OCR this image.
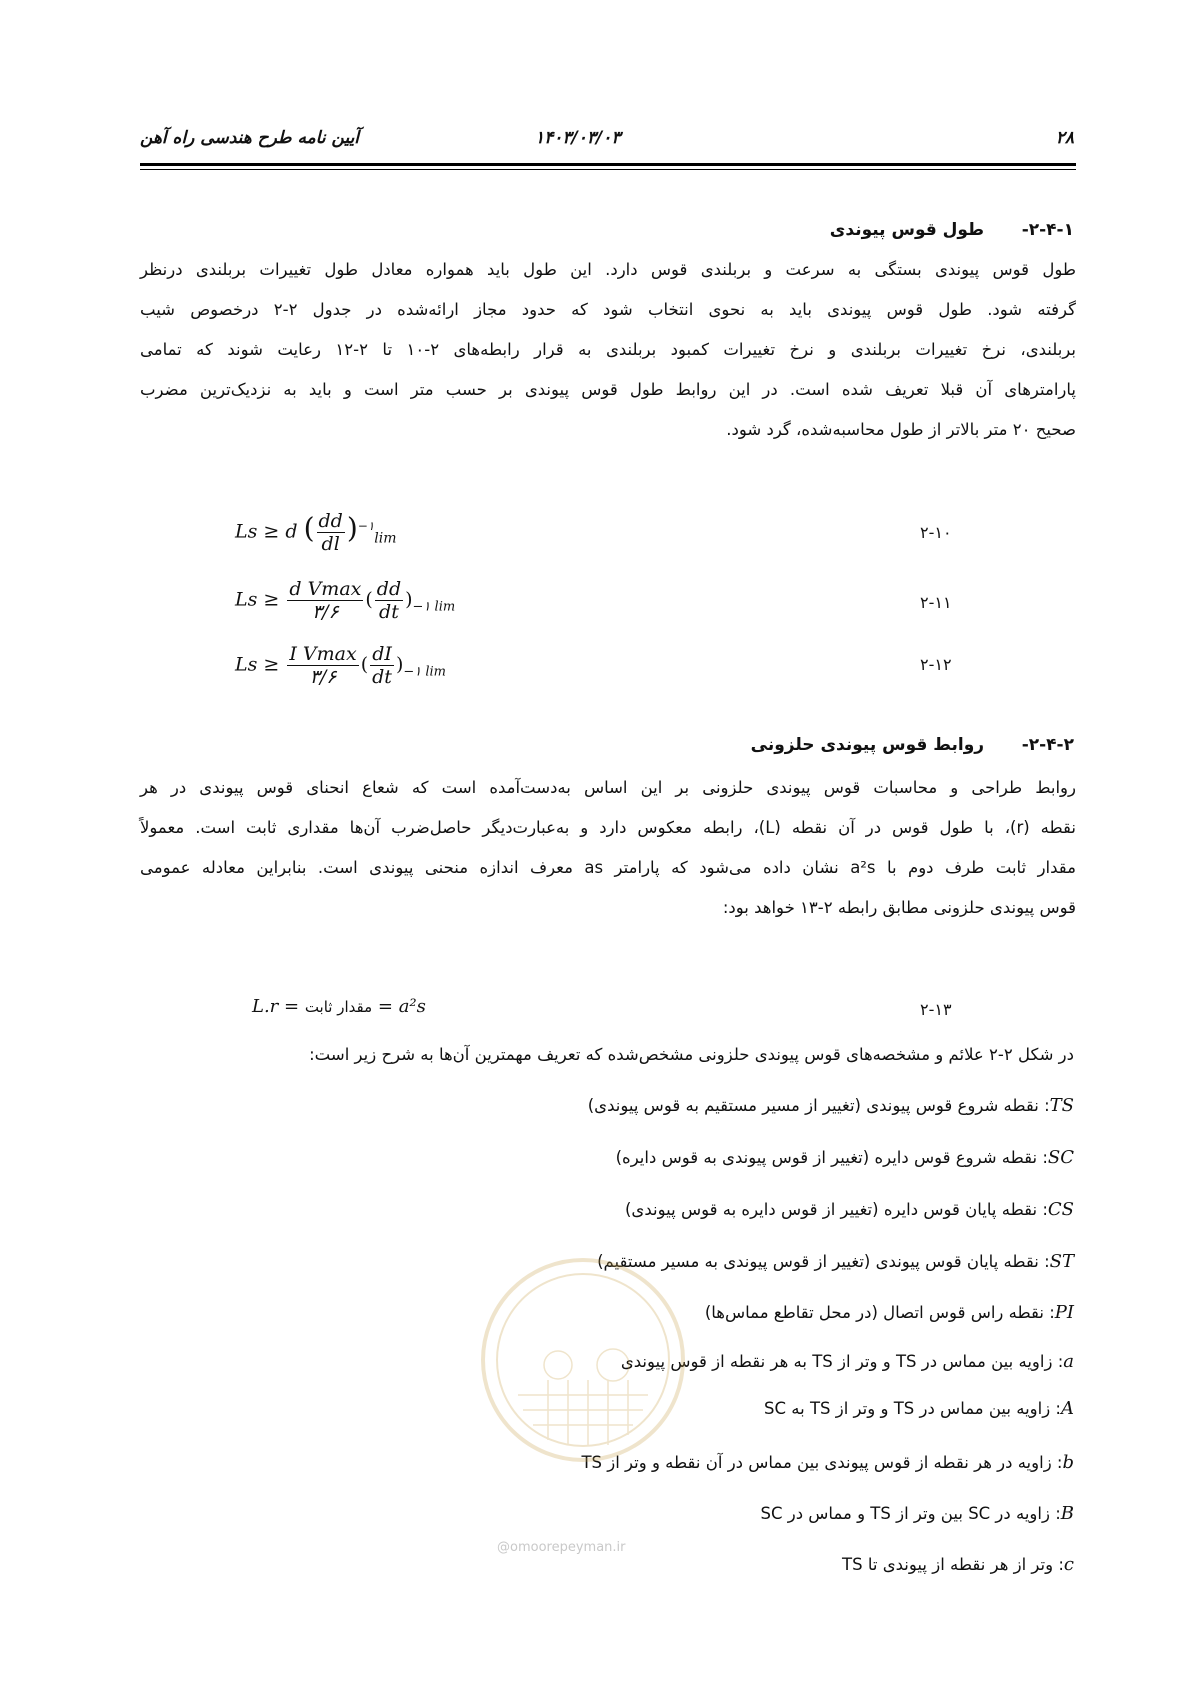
۲۸
۱۴۰۳/۰۳/۰۳
آیین نامه طرح هندسی راه آهن
۲-۴-۱- طول قوس پیوندی
طول قوس پیوندی بستگی به سرعت و بربلندی قوس دارد. این طول باید همواره معادل طول تغییرات بربلندی درنظر
گرفته شود. طول قوس پیوندی باید به نحوی انتخاب شود که حدود مجاز ارائه‌شده در جدول ۲-۲ درخصوص شیب
بربلندی، نرخ تغییرات بربلندی و نرخ تغییرات کمبود بربلندی به قرار رابطه‌های ۲-۱۰ تا ۲-۱۲ رعایت شوند که تمامی
پارامترهای آن قبلا تعریف شده است. در این روابط طول قوس پیوندی بر حسب متر است و باید به نزدیک‌ترین مضرب
صحیح ۲۰ متر بالاتر از طول محاسبه‌شده، گرد شود.
Ls ≥ d ( $\frac{dd}{dl} )^{-۱}_{lim}$	۲-۱۰
$Ls \ge \frac{\text{d Vmax}}{۳/۶}$ ( $\frac{dd}{dt} )_{-۱ lim}$	۲-۱۱
$Ls \ge \frac{\text{I Vmax}}{۳/۶}$ ( $\frac{dI}{dt} )_{-۱ lim}$	۲-۱۲
۲-۴-۲- روابط قوس پیوندی حلزونی
روابط طراحی و محاسبات قوس پیوندی حلزونی بر این اساس به‌دست‌آمده است که شعاع انحنای قوس پیوندی در هر
نقطه (r)، با طول قوس در آن نقطه (L)، رابطه معکوس دارد و به‌عبارت‌دیگر حاصل‌ضرب آن‌ها مقداری ثابت است. معمولاً
مقدار ثابت طرف دوم با a²s نشان داده می‌شود که پارامتر as معرف اندازه منحنی پیوندی است. بنابراین معادله عمومی
قوس پیوندی حلزونی مطابق رابطه ۲-۱۳ خواهد بود:
L.r = مقدار ثابت = a²s	۲-۱۳
در شکل ۲-۲ علائم و مشخصه‌های قوس پیوندی حلزونی مشخص‌شده که تعریف مهمترین آن‌ها به شرح زیر است:
TS: نقطه شروع قوس پیوندی (تغییر از مسیر مستقیم به قوس پیوندی)
SC: نقطه شروع قوس دایره (تغییر از قوس پیوندی به قوس دایره)
CS: نقطه پایان قوس دایره (تغییر از قوس دایره به قوس پیوندی)
ST: نقطه پایان قوس پیوندی (تغییر از قوس پیوندی به مسیر مستقیم)
PI: نقطه راس قوس اتصال (در محل تقاطع مماس‌ها)
a: زاویه بین مماس در TS و وتر از TS به هر نقطه از قوس پیوندی
A: زاویه بین مماس در TS و وتر از TS به SC
b: زاویه در هر نقطه از قوس پیوندی بین مماس در آن نقطه و وتر از TS
B: زاویه در SC بین وتر از TS و مماس در SC
c: وتر از هر نقطه از پیوندی تا TS
@omoorepeyman.ir
